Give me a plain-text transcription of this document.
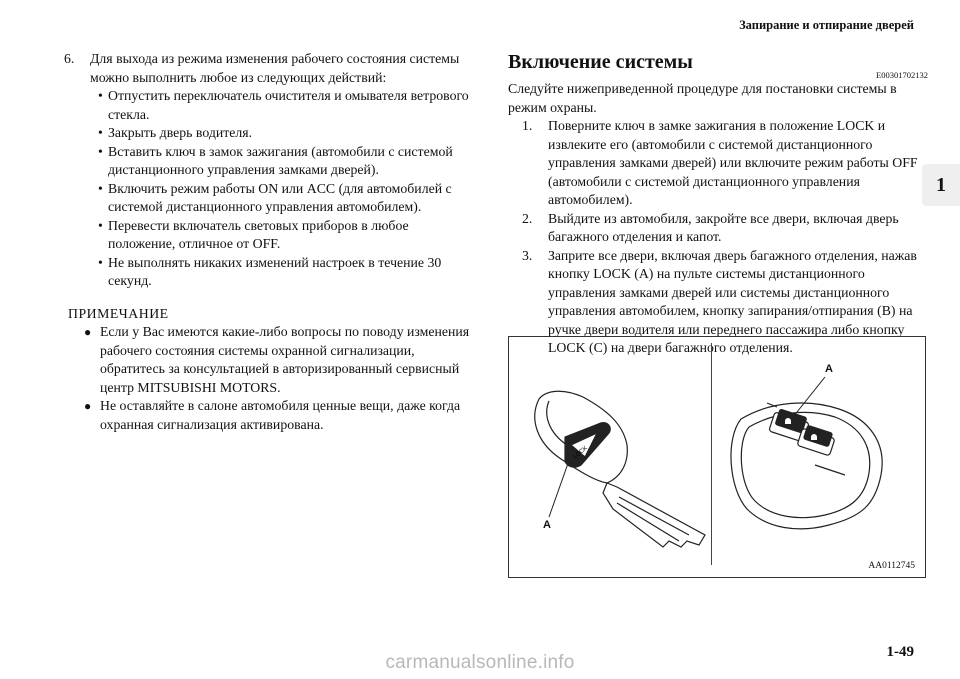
Запирание и отпирание дверей
1
6.	Для выхода из режима изменения рабочего состояния системы можно выполнить любое из следующих действий:
• Отпустить переключатель очистителя и омывателя ветрового стекла.
• Закрыть дверь водителя.
• Вставить ключ в замок зажигания (автомобили с системой дистанционного управления замками дверей).
• Включить режим работы ON или ACC (для автомобилей с системой дистанционного управления автомобилем).
• Перевести включатель световых приборов в любое положение, отличное от OFF.
• Не выполнять никаких изменений настроек в течение 30 секунд.
ПРИМЕЧАНИЕ
● Если у Вас имеются какие-либо вопросы по поводу изменения рабочего состояния системы охранной сигнализации, обратитесь за консультацией в авторизированный сервисный центр MITSUBISHI MOTORS.
● Не оставляйте в салоне автомобиля ценные вещи, даже когда охранная сигнализация активирована.
Включение системы
E00301702132
Следуйте нижеприведенной процедуре для постановки системы в режим охраны.
1.	Поверните ключ в замке зажигания в положение LOCK и извлеките его (автомобили с системой дистанционного управления замками дверей) или включите режим работы OFF (автомобили с системой дистанционного управления автомобилем).
2.	Выйдите из автомобиля, закройте все двери, включая дверь багажного отделения и капот.
3.	Заприте все двери, включая дверь багажного отделения, нажав кнопку LOCK (A) на пульте системы дистанционного управления замками дверей или системы дистанционного управления автомобилем, кнопку запирания/отпирания (B) на ручке двери водителя или переднего пассажира либо кнопку LOCK (C) на двери багажного отделения.
LOCK
A
A
AA0112745
1-49
carmanualsonline.info
